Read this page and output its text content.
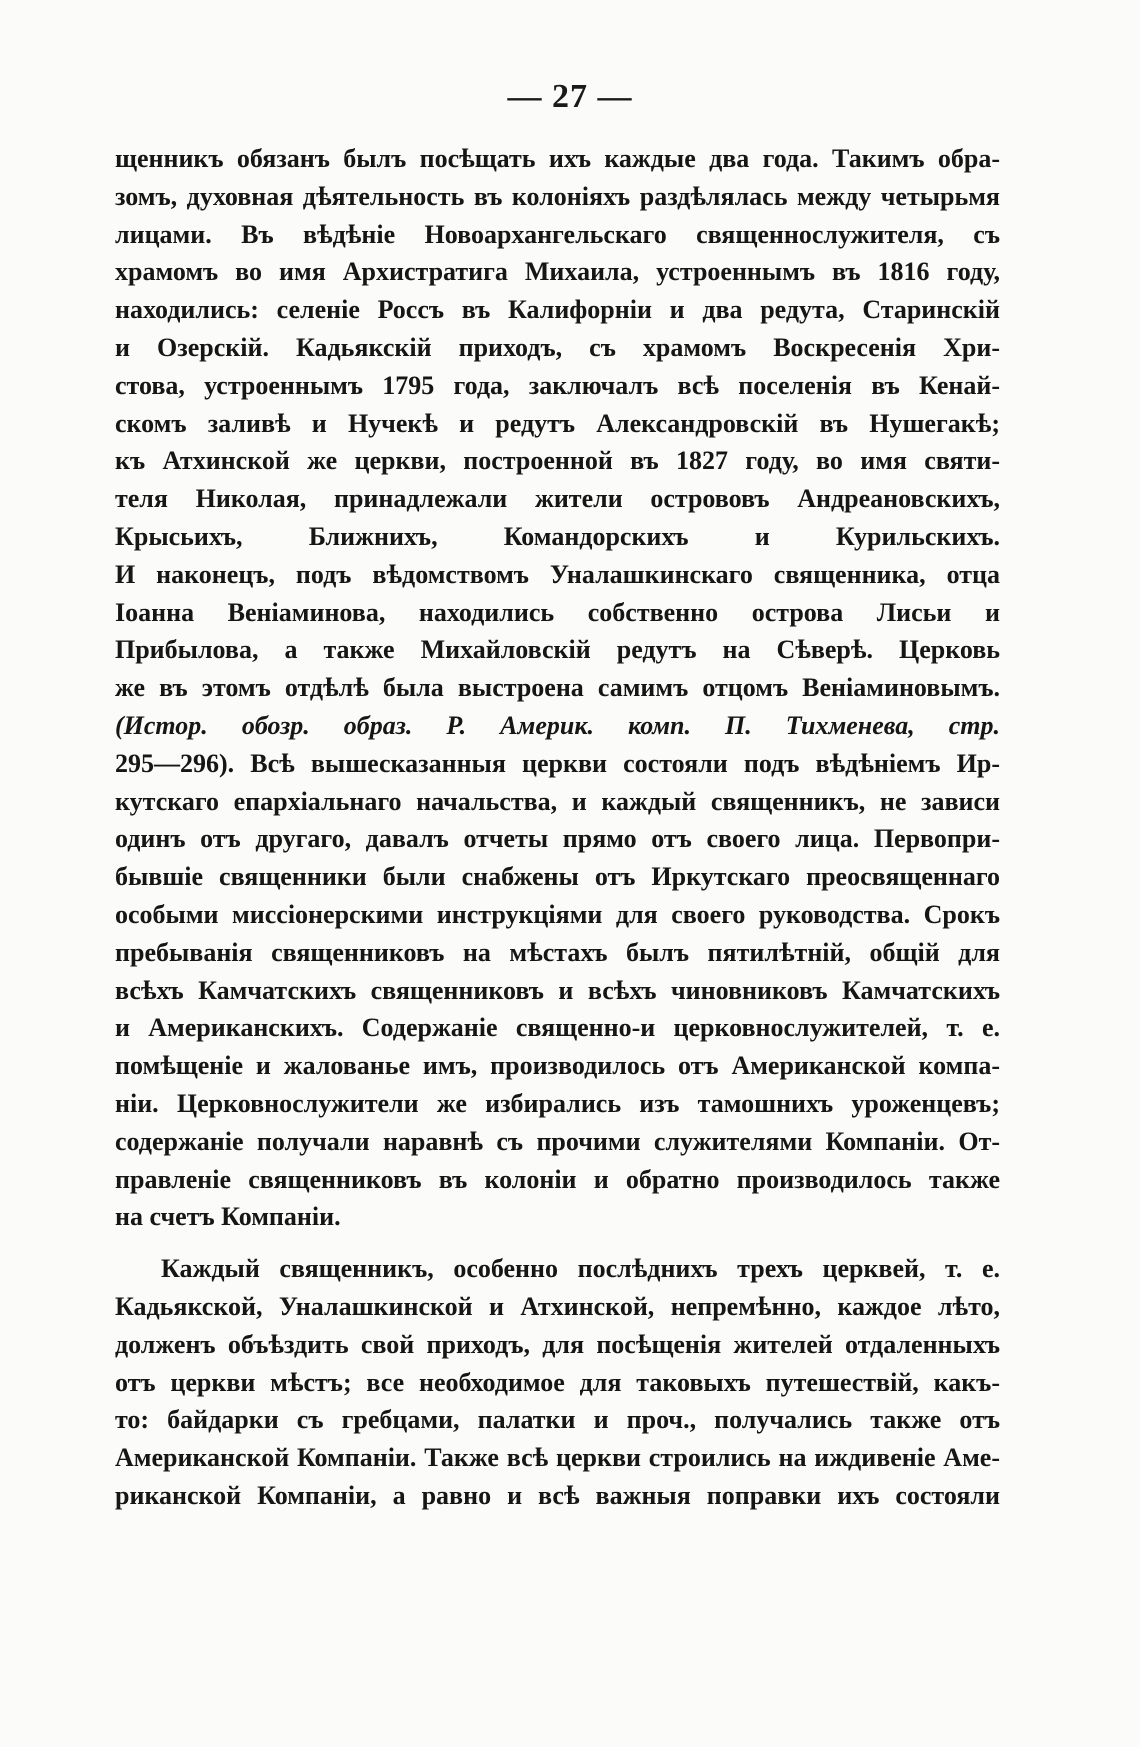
— 27 —
щенникъ обязанъ былъ посѣщать ихъ каждые два года. Такимъ обра-
зомъ, духовная дѣятельность въ колоніяхъ раздѣлялась между четырьмя
лицами. Въ вѣдѣніе Новоархангельскаго священнослужителя, съ
храмомъ во имя Архистратига Михаила, устроеннымъ въ 1816 году,
находились: селеніе Россъ въ Калифорніи и два редута, Старинскій
и Озерскій. Кадьякскій приходъ, съ храмомъ Воскресенія Хри-
стова, устроеннымъ 1795 года, заключалъ всѣ поселенія въ Кенай-
скомъ заливѣ и Нучекѣ и редутъ Александровскій въ Нушегакѣ;
къ Атхинской же церкви, построенной въ 1827 году, во имя святи-
теля Николая, принадлежали жители острововъ Андреановскихъ,
Крысьихъ, Ближнихъ, Командорскихъ и Курильскихъ.
И наконецъ, подъ вѣдомствомъ Уналашкинскаго священника, отца
Іоанна Веніаминова, находились собственно острова Лисьи и
Прибылова, а также Михайловскій редутъ на Сѣверѣ. Церковь
же въ этомъ отдѣлѣ была выстроена самимъ отцомъ Веніаминовымъ.
(Истор. обозр. образ. Р. Америк. комп. П. Тихменева, стр.
295—296). Всѣ вышесказанныя церкви состояли подъ вѣдѣніемъ Ир-
кутскаго епархіальнаго начальства, и каждый священникъ, не зависи
одинъ отъ другаго, давалъ отчеты прямо отъ своего лица. Первопри-
бывшіе священники были снабжены отъ Иркутскаго преосвященнаго
особыми миссіонерскими инструкціями для своего руководства. Срокъ
пребыванія священниковъ на мѣстахъ былъ пятилѣтній, общій для
всѣхъ Камчатскихъ священниковъ и всѣхъ чиновниковъ Камчатскихъ
и Американскихъ. Содержаніе священно-и церковнослужителей, т. е.
помѣщеніе и жалованье имъ, производилось отъ Американской компа-
ніи. Церковнослужители же избирались изъ тамошнихъ уроженцевъ;
содержаніе получали наравнѣ съ прочими служителями Компаніи. От-
правленіе священниковъ въ колоніи и обратно производилось также
на счетъ Компаніи.
Каждый священникъ, особенно послѣднихъ трехъ церквей, т. е.
Кадьякской, Уналашкинской и Атхинской, непремѣнно, каждое лѣто,
долженъ объѣздить свой приходъ, для посѣщенія жителей отдаленныхъ
отъ церкви мѣстъ; все необходимое для таковыхъ путешествій, какъ-
то: байдарки съ гребцами, палатки и проч., получались также отъ
Американской Компаніи. Также всѣ церкви строились на иждивеніе Аме-
риканской Компаніи, а равно и всѣ важныя поправки ихъ состояли
